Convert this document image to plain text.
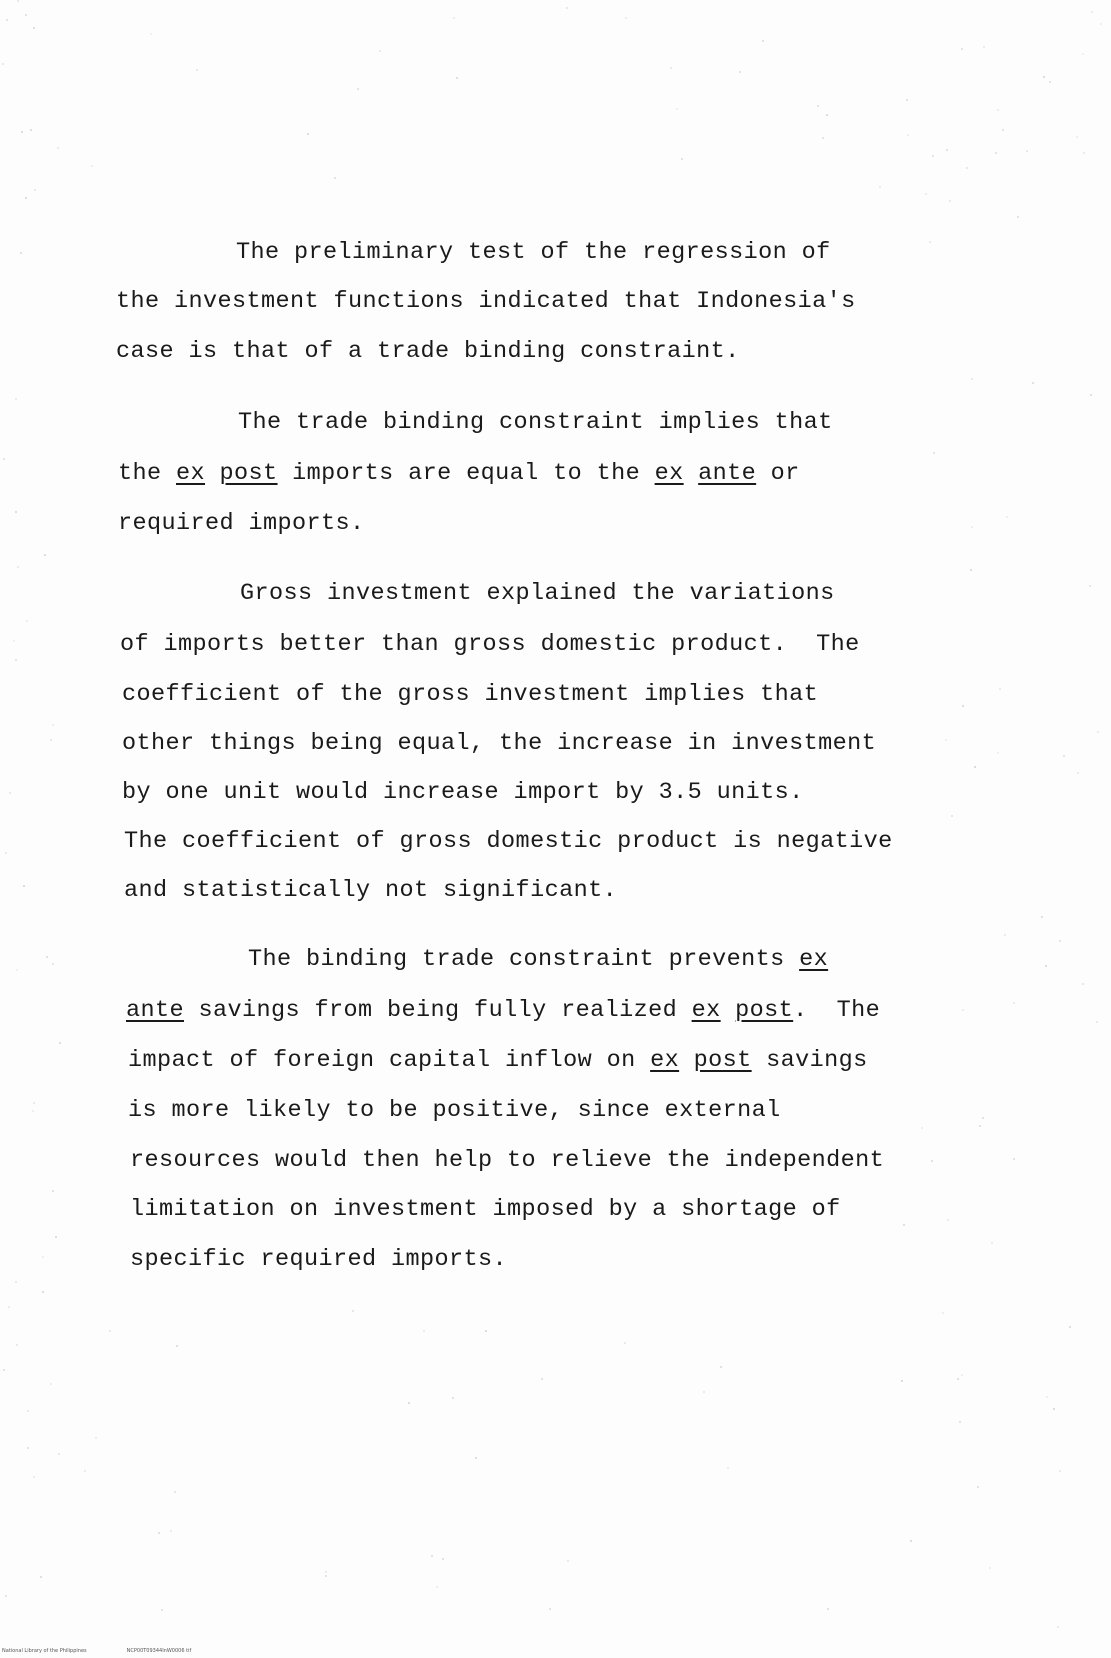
The preliminary test of the regression of
the investment functions indicated that Indonesia's
case is that of a trade binding constraint.
The trade binding constraint implies that
the ex post imports are equal to the ex ante or
required imports.
Gross investment explained the variations
of imports better than gross domestic product.  The
coefficient of the gross investment implies that
other things being equal, the increase in investment
by one unit would increase import by 3.5 units.
The coefficient of gross domestic product is negative
and statistically not significant.
The binding trade constraint prevents ex
ante savings from being fully realized ex post.  The
impact of foreign capital inflow on ex post savings
is more likely to be positive, since external
resources would then help to relieve the independent
limitation on investment imposed by a shortage of
specific required imports.
National Library of the Philippines	NCP00T09344InW0006 tif
